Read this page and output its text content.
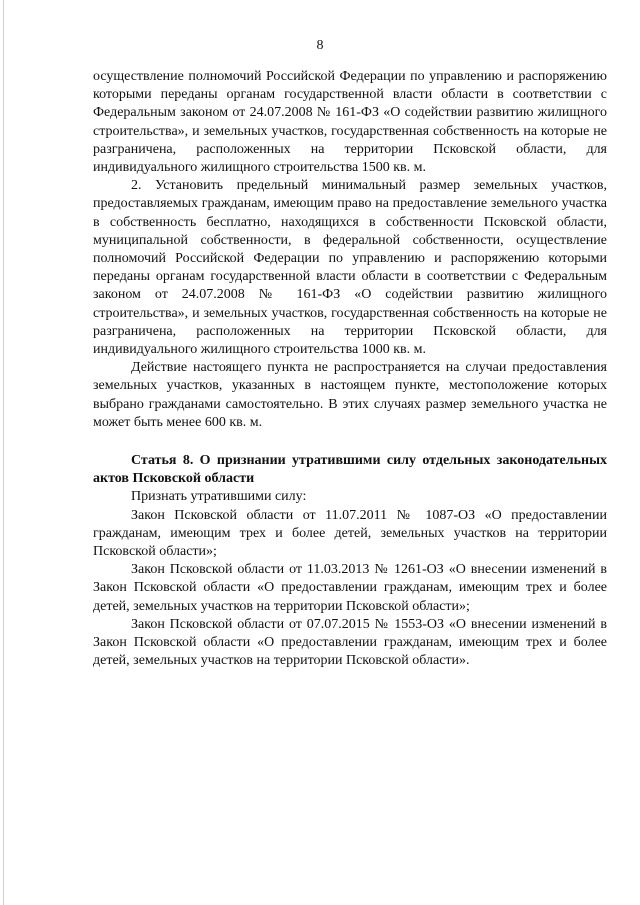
8

осуществление полномочий Российской Федерации по управлению и распоряжению которыми переданы органам государственной власти области в соответствии с Федеральным законом от 24.07.2008 № 161-ФЗ «О содействии развитию жилищного строительства», и земельных участков, государственная собственность на которые не разграничена, расположенных на территории Псковской области, для индивидуального жилищного строительства 1500 кв. м.

2. Установить предельный минимальный размер земельных участков, предоставляемых гражданам, имеющим право на предоставление земельного участка в собственность бесплатно, находящихся в собственности Псковской области, муниципальной собственности, в федеральной собственности, осуществление полномочий Российской Федерации по управлению и распоряжению которыми переданы органам государственной власти области в соответствии с Федеральным законом от 24.07.2008 № 161-ФЗ «О содействии развитию жилищного строительства», и земельных участков, государственная собственность на которые не разграничена, расположенных на территории Псковской области, для индивидуального жилищного строительства 1000 кв. м.

Действие настоящего пункта не распространяется на случаи предоставления земельных участков, указанных в настоящем пункте, местоположение которых выбрано гражданами самостоятельно. В этих случаях размер земельного участка не может быть менее 600 кв. м.

Статья 8. О признании утратившими силу отдельных законодательных актов Псковской области

Признать утратившими силу:

Закон Псковской области от 11.07.2011 № 1087-ОЗ «О предоставлении гражданам, имеющим трех и более детей, земельных участков на территории Псковской области»;

Закон Псковской области от 11.03.2013 № 1261-ОЗ «О внесении изменений в Закон Псковской области «О предоставлении гражданам, имеющим трех и более детей, земельных участков на территории Псковской области»;

Закон Псковской области от 07.07.2015 № 1553-ОЗ «О внесении изменений в Закон Псковской области «О предоставлении гражданам, имеющим трех и более детей, земельных участков на территории Псковской области».
